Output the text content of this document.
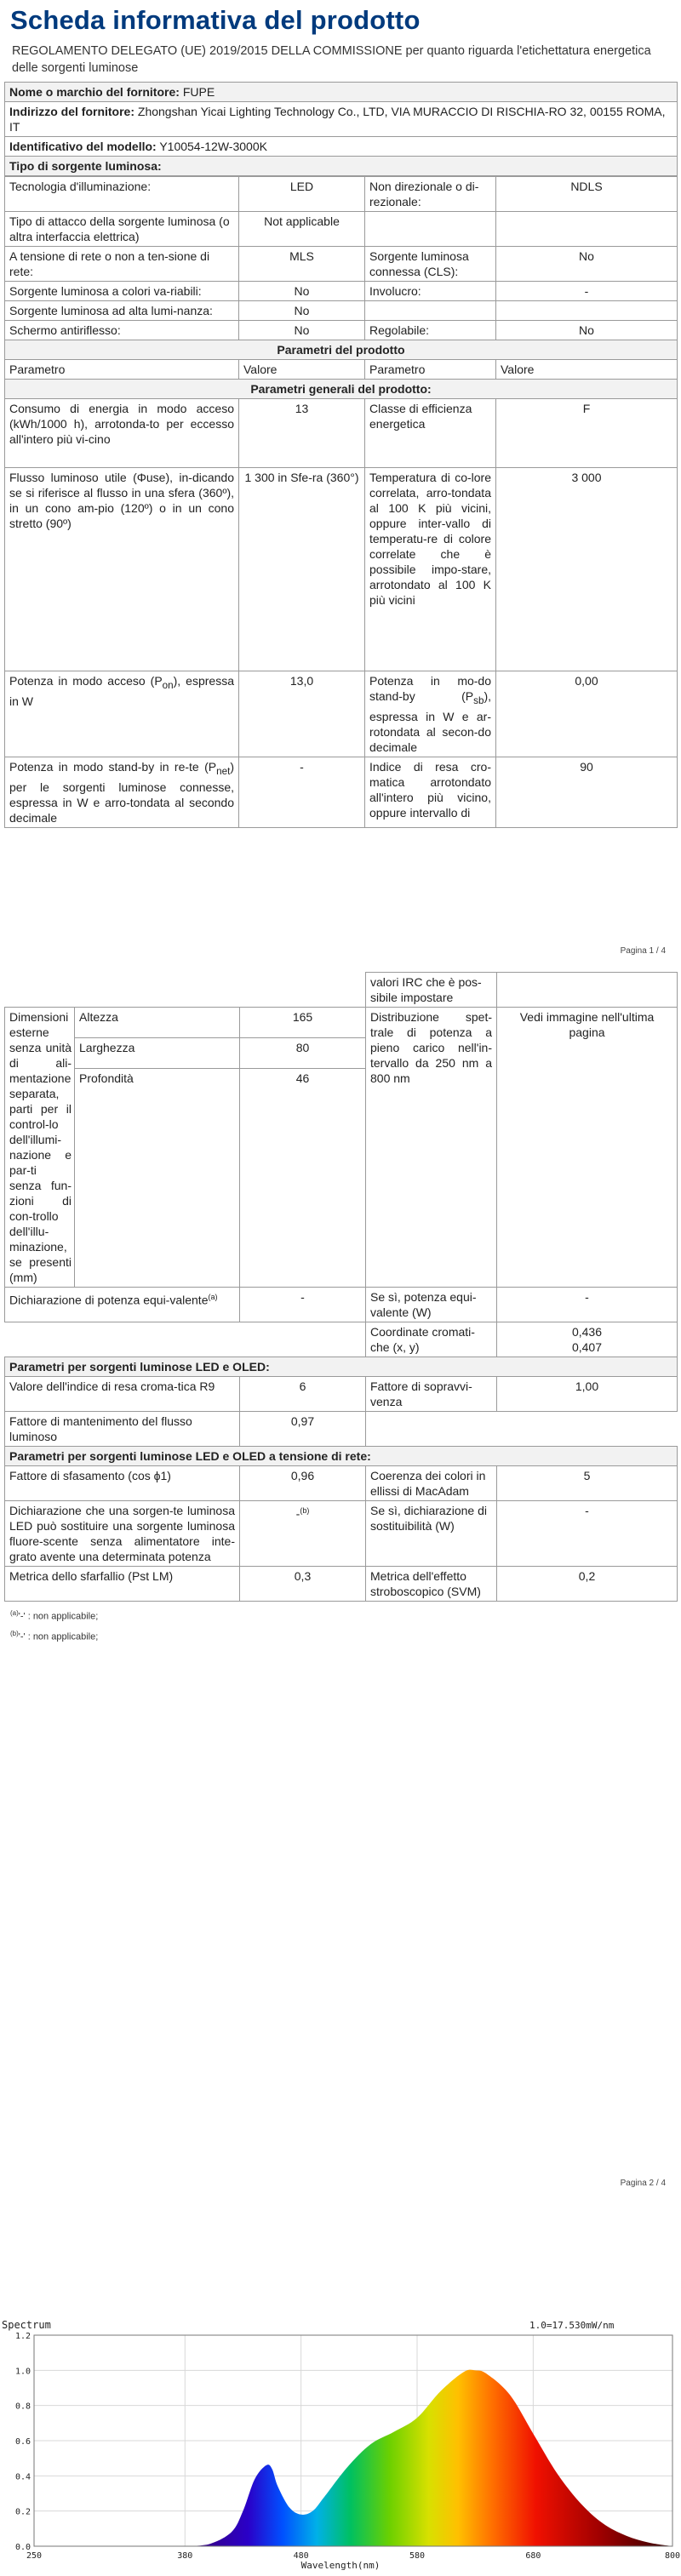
Scheda informativa del prodotto
REGOLAMENTO DELEGATO (UE) 2019/2015 DELLA COMMISSIONE per quanto riguarda l'etichettatura energetica delle sorgenti luminose
Nome o marchio del fornitore: FUPE
Indirizzo del fornitore: Zhongshan Yicai Lighting Technology Co., LTD, VIA MURACCIO DI RISCHIA-RO 32, 00155 ROMA, IT
Identificativo del modello: Y10054-12W-3000K
Tipo di sorgente luminosa:
Tecnologia d'illuminazione:	LED	Non direzionale o di-rezionale:	NDLS
Tipo di attacco della sorgente luminosa (o altra interfaccia elettrica)	Not applicable		
A tensione di rete o non a ten-sione di rete:	MLS	Sorgente luminosa connessa (CLS):	No
Sorgente luminosa a colori va-riabili:	No	Involucro:	-
Sorgente luminosa ad alta lumi-nanza:	No		
Schermo antiriflesso:	No	Regolabile:	No
Parametri del prodotto			
Parametro	Valore	Parametro	Valore
Parametri generali del prodotto:			
Consumo di energia in modo acceso (kWh/1000 h), arrotonda-to per eccesso all'intero più vi-cino	13	Classe di efficienza energetica	F
Flusso luminoso utile (Φuse), in-dicando se si riferisce al flusso in una sfera (360º), in un cono am-pio (120º) o in un cono stretto (90º)	1 300 in Sfe-ra (360°)	Temperatura di co-lore correlata, arro-tondata al 100 K più vicini, oppure inter-vallo di temperatu-re di colore correlate che è possibile impo-stare, arrotondato al 100 K più vicini	3 000
Potenza in modo acceso $(P_{on})$, espressa in W	13,0	Potenza in mo-do stand-by $(P_{sb})$, espressa in W e ar-rotondata al secon-do decimale	0,00
Potenza in modo stand-by in re-te $(P_{net})$ per le sorgenti luminose connesse, espressa in W e arro-tondata al secondo decimale	-	Indice di resa cro-matica arrotondato all'intero più vicino, oppure intervallo di	90
Pagina 1 / 4
			valori IRC che è pos-sibile impostare	
Dimensioni esterne senza unità di ali-mentazione separata, parti per il control-lo dell'illumi-nazione e par-ti senza fun-zioni di con-trollo dell'illu-minazione, se presenti (mm)	Altezza	165	Distribuzione spet-trale di potenza a pieno carico nell'in-tervallo da 250 nm a 800 nm	Vedi immagine nell'ultima pagina
	Larghezza	80		
	Profondità	46		
Dichiarazione di potenza equi-valente$^{(a)}$		-	Se sì, potenza equi-valente (W)	-
			Coordinate cromati-che (x, y)	0,436
0,407
Parametri per sorgenti luminose LED e OLED:				
Valore dell'indice di resa croma-tica R9		6	Fattore di sopravvi-venza	1,00
Fattore di mantenimento del flusso luminoso		0,97		
Parametri per sorgenti luminose LED e OLED a tensione di rete:				
Fattore di sfasamento (cos ϕ1)		0,96	Coerenza dei colori in ellissi di MacAdam	5
Dichiarazione che una sorgen-te luminosa LED può sostituire una sorgente luminosa fluore-scente senza alimentatore inte-grato avente una determinata potenza		-$^{(b)}$	Se sì, dichiarazione di sostituibilità (W)	-
Metrica dello sfarfallio (Pst LM)		0,3	Metrica dell'effetto stroboscopico (SVM)	0,2
$^{(a)}$'-' : non applicabile;
$^{(b)}$'-' : non applicabile;
Pagina 2 / 4
Spectrum	1.0=17.530mW/nm
0.0
0.2
0.4
0.6
0.8
1.0
1.2
250	380	480	580	680	800
Wavelength(nm)
